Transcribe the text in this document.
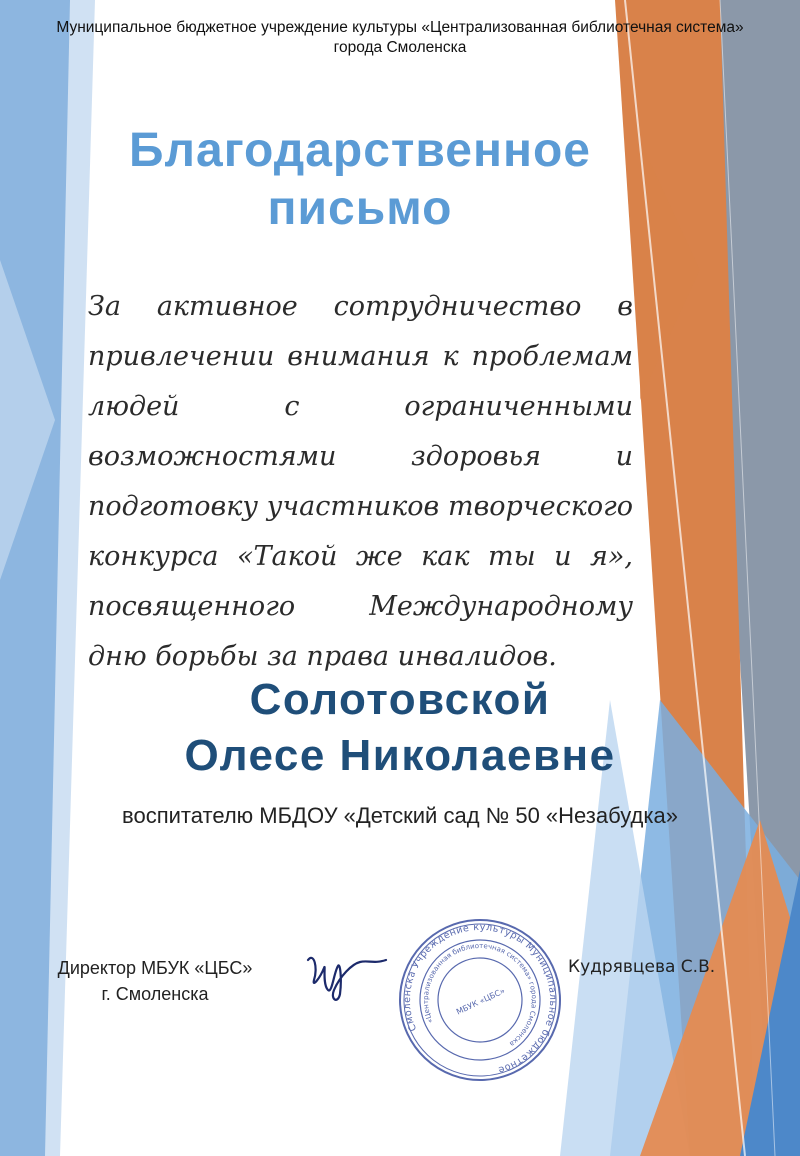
Муниципальное бюджетное учреждение культуры «Централизованная библиотечная система» города Смоленска
Благодарственное
письмо
За активное сотрудничество в привлечении внимания к проблемам людей с ограниченными возможностями здоровья и подготовку участников творческого конкурса «Такой же как ты и я», посвященного Международному дню борьбы за права инвалидов.
Солотовской
Олесе Николаевне
воспитателю МБДОУ «Детский сад № 50 «Незабудка»
Директор МБУК «ЦБС»
г. Смоленска
Смоленска Учреждение культуры Муниципальное бюджетное
«Централизованная библиотечная система» города Смоленска
МБУК «ЦБС»
Кудрявцева С.В.
